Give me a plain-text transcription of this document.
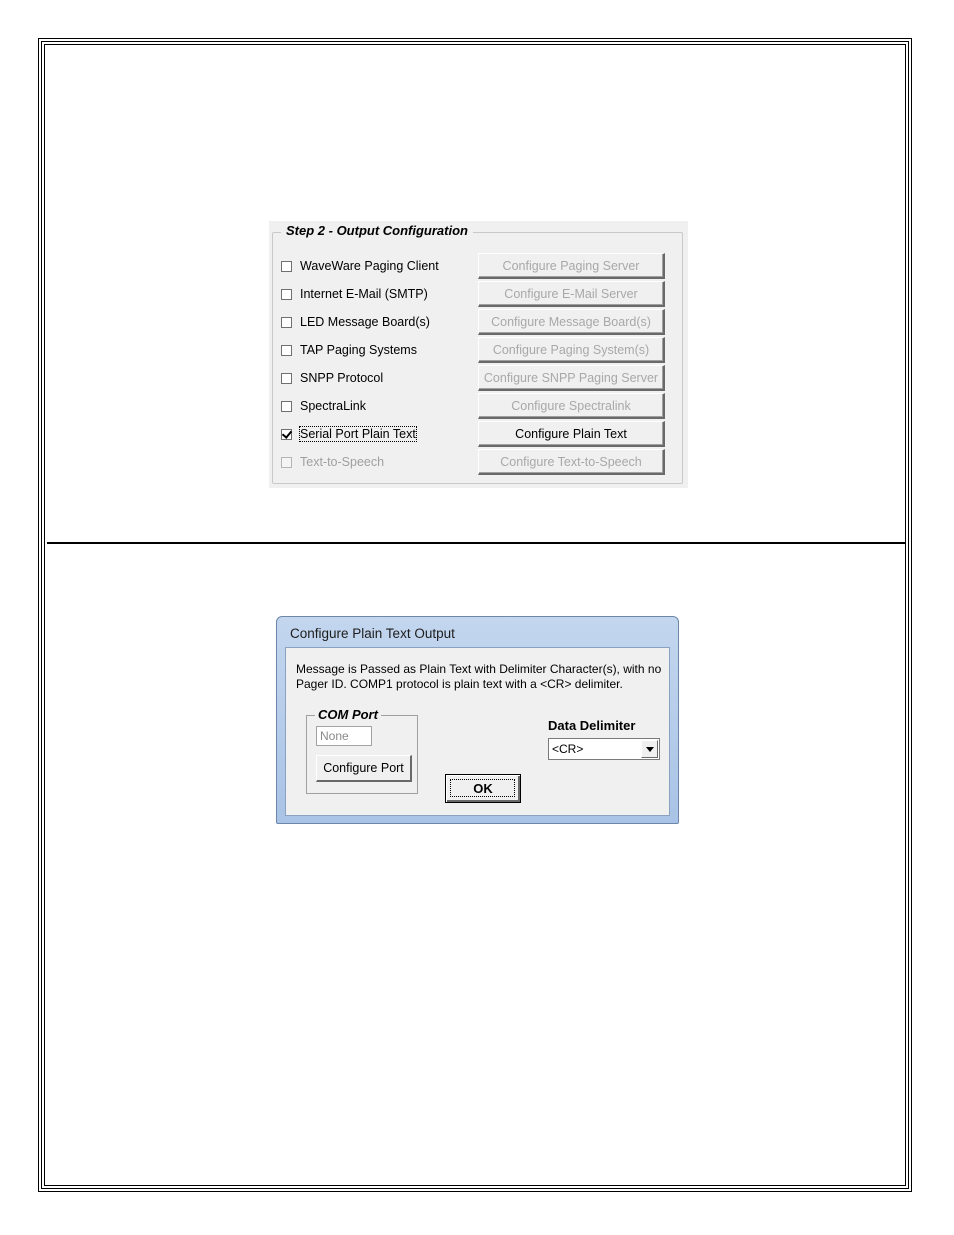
Step 2 - Output Configuration
WaveWare Paging Client	Configure Paging Server
Internet E-Mail (SMTP)	Configure E-Mail Server
LED Message Board(s)	Configure Message Board(s)
TAP Paging Systems	Configure Paging System(s)
SNPP Protocol	Configure SNPP Paging Server
SpectraLink	Configure Spectralink
Serial Port Plain Text	Configure Plain Text
Text-to-Speech	Configure Text-to-Speech
Configure Plain Text Output
Message is Passed as Plain Text with Delimiter Character(s), with no Pager ID. COMP1 protocol is plain text with a <CR> delimiter.
COM Port
None
Configure Port
OK
Data Delimiter
<CR>
